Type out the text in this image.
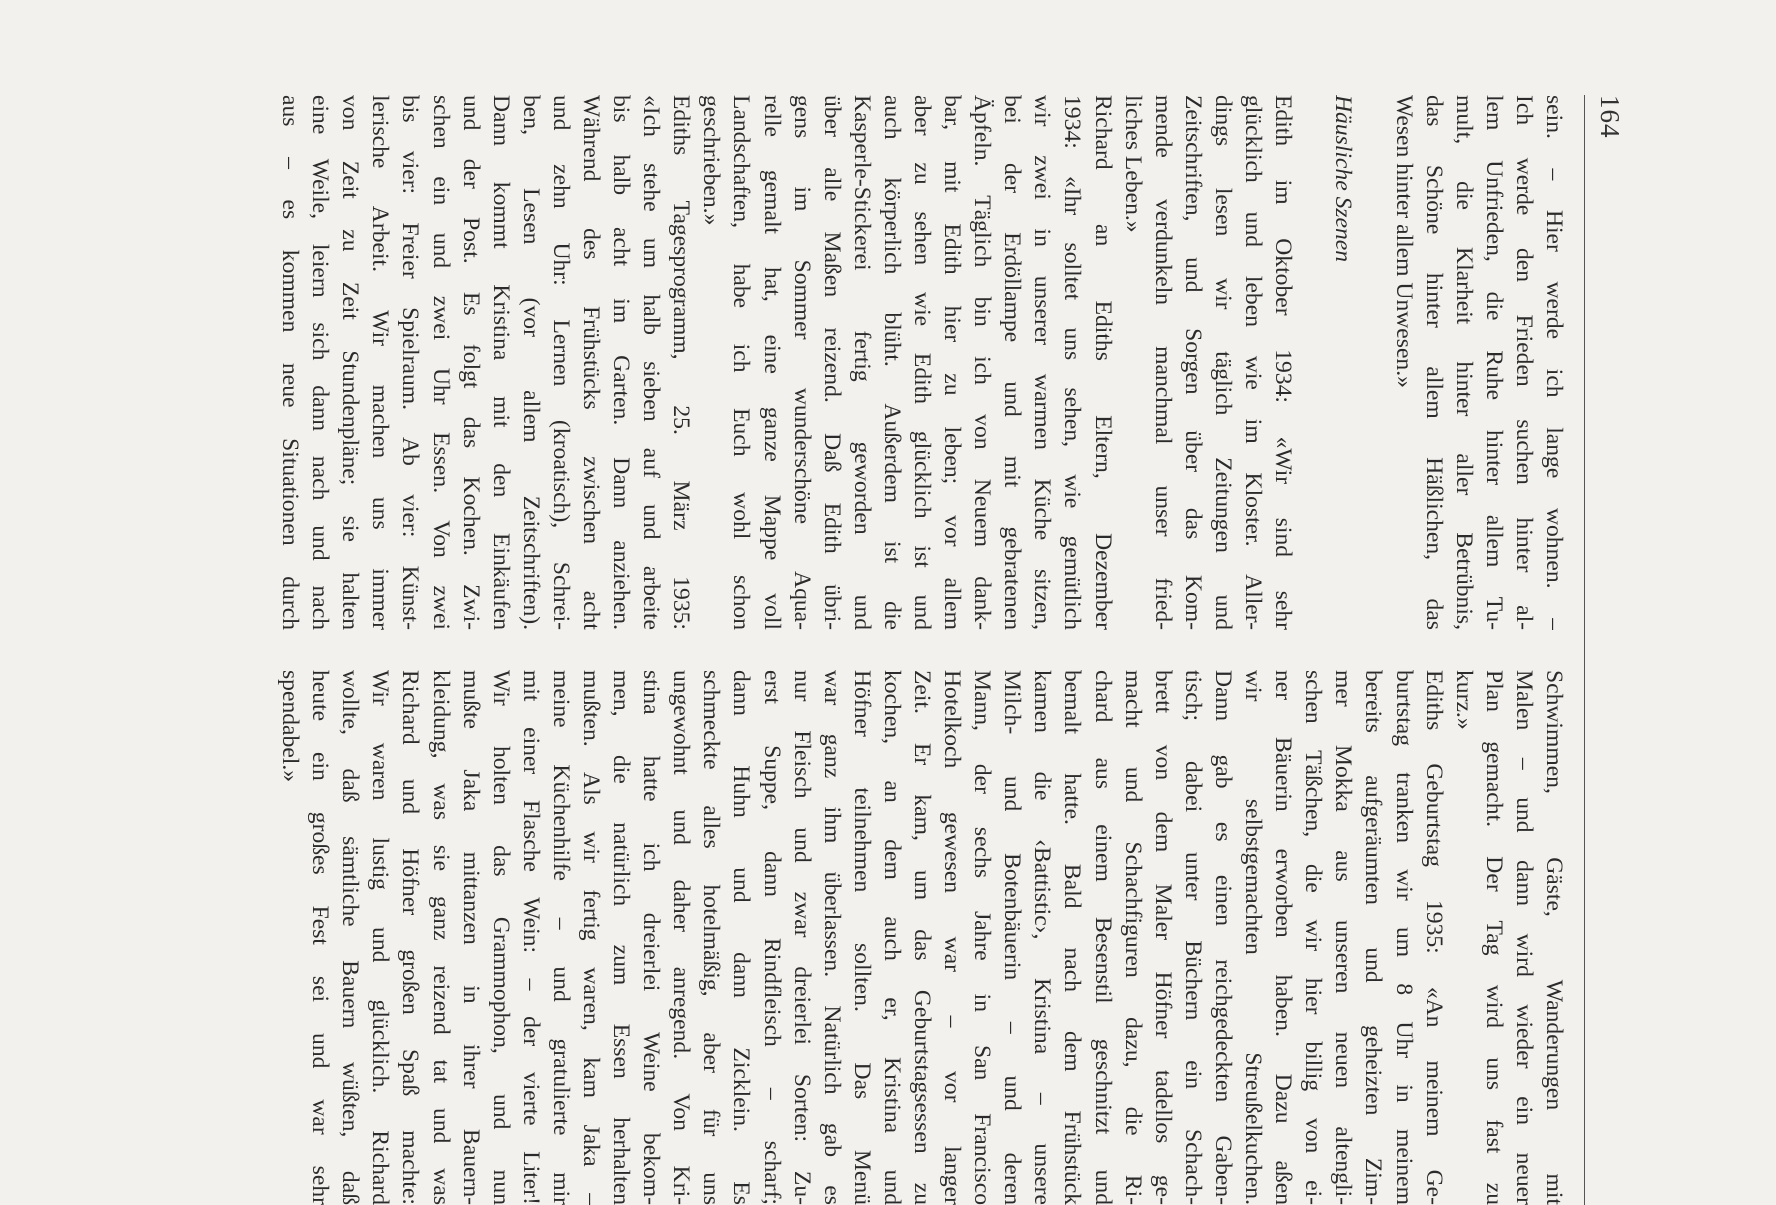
164
sein. – Hier werde ich lange wohnen. –
Ich werde den Frieden suchen hinter al-
lem Unfrieden, die Ruhe hinter allem Tu-
mult, die Klarheit hinter aller Betrübnis,
das Schöne hinter allem Häßlichen, das
Wesen hinter allem Unwesen.»
Häusliche Szenen
Edith im Oktober 1934: «Wir sind sehr
glücklich und leben wie im Kloster. Aller-
dings lesen wir täglich Zeitungen und
Zeitschriften, und Sorgen über das Kom-
mende verdunkeln manchmal unser fried-
liches Leben.»
Richard an Ediths Eltern, Dezember
1934: «Ihr solltet uns sehen, wie gemütlich
wir zwei in unserer warmen Küche sitzen,
bei der Erdöllampe und mit gebratenen
Äpfeln. Täglich bin ich von Neuem dank-
bar, mit Edith hier zu leben; vor allem
aber zu sehen wie Edith glücklich ist und
auch körperlich blüht. Außerdem ist die
Kasperle-Stickerei fertig geworden und
über alle Maßen reizend. Daß Edith übri-
gens im Sommer wunderschöne Aqua-
relle gemalt hat, eine ganze Mappe voll
Landschaften, habe ich Euch wohl schon
geschrieben.»
Ediths Tagesprogramm, 25. März 1935:
«Ich stehe um halb sieben auf und arbeite
bis halb acht im Garten. Dann anziehen.
Während des Frühstücks zwischen acht
und zehn Uhr: Lernen (kroatisch), Schrei-
ben, Lesen (vor allem Zeitschriften).
Dann kommt Kristina mit den Einkäufen
und der Post. Es folgt das Kochen. Zwi-
schen ein und zwei Uhr Essen. Von zwei
bis vier: Freier Spielraum. Ab vier: Künst-
lerische Arbeit. Wir machen uns immer
von Zeit zu Zeit Stundenpläne; sie halten
eine Weile, leiern sich dann nach und nach
aus – es kommen neue Situationen durch
Schwimmen, Gäste, Wanderungen mit
Malen – und dann wird wieder ein neuer
Plan gemacht. Der Tag wird uns fast zu
kurz.»
Ediths Geburtstag 1935: «An meinem Ge-
burtstag tranken wir um 8 Uhr in meinem
bereits aufgeräumten und geheizten Zim-
mer Mokka aus unseren neuen altengli-
schen Täßchen, die wir hier billig von ei-
ner Bäuerin erworben haben. Dazu aßen
wir selbstgemachten Streußelkuchen.
Dann gab es einen reichgedeckten Gaben-
tisch; dabei unter Büchern ein Schach-
brett von dem Maler Höfner tadellos ge-
macht und Schachfiguren dazu, die Ri-
chard aus einem Besenstil geschnitzt und
bemalt hatte. Bald nach dem Frühstück
kamen die ‹Battistic›, Kristina – unsere
Milch- und Botenbäuerin – und deren
Mann, der sechs Jahre in San Francisco
Hotelkoch gewesen war – vor langer
Zeit. Er kam, um das Geburtstagsessen zu
kochen, an dem auch er, Kristina und
Höfner teilnehmen sollten. Das Menü
war ganz ihm überlassen. Natürlich gab es
nur Fleisch und zwar dreierlei Sorten: Zu-
erst Suppe, dann Rindfleisch – scharf;
dann Huhn und dann Zicklein. Es
schmeckte alles hotelmäßig, aber für uns
ungewohnt und daher anregend. Von Kri-
stina hatte ich dreierlei Weine bekom-
men, die natürlich zum Essen herhalten
mußten. Als wir fertig waren, kam Jaka –
meine Küchenhilfe – und gratulierte mir
mit einer Flasche Wein: – der vierte Liter!
Wir holten das Grammophon, und nun
mußte Jaka mittanzen in ihrer Bauern-
kleidung, was sie ganz reizend tat und was
Richard und Höfner großen Spaß machte:
Wir waren lustig und glücklich. Richard
wollte, daß sämtliche Bauern wüßten, daß
heute ein großes Fest sei und war sehr
spendabel.»
